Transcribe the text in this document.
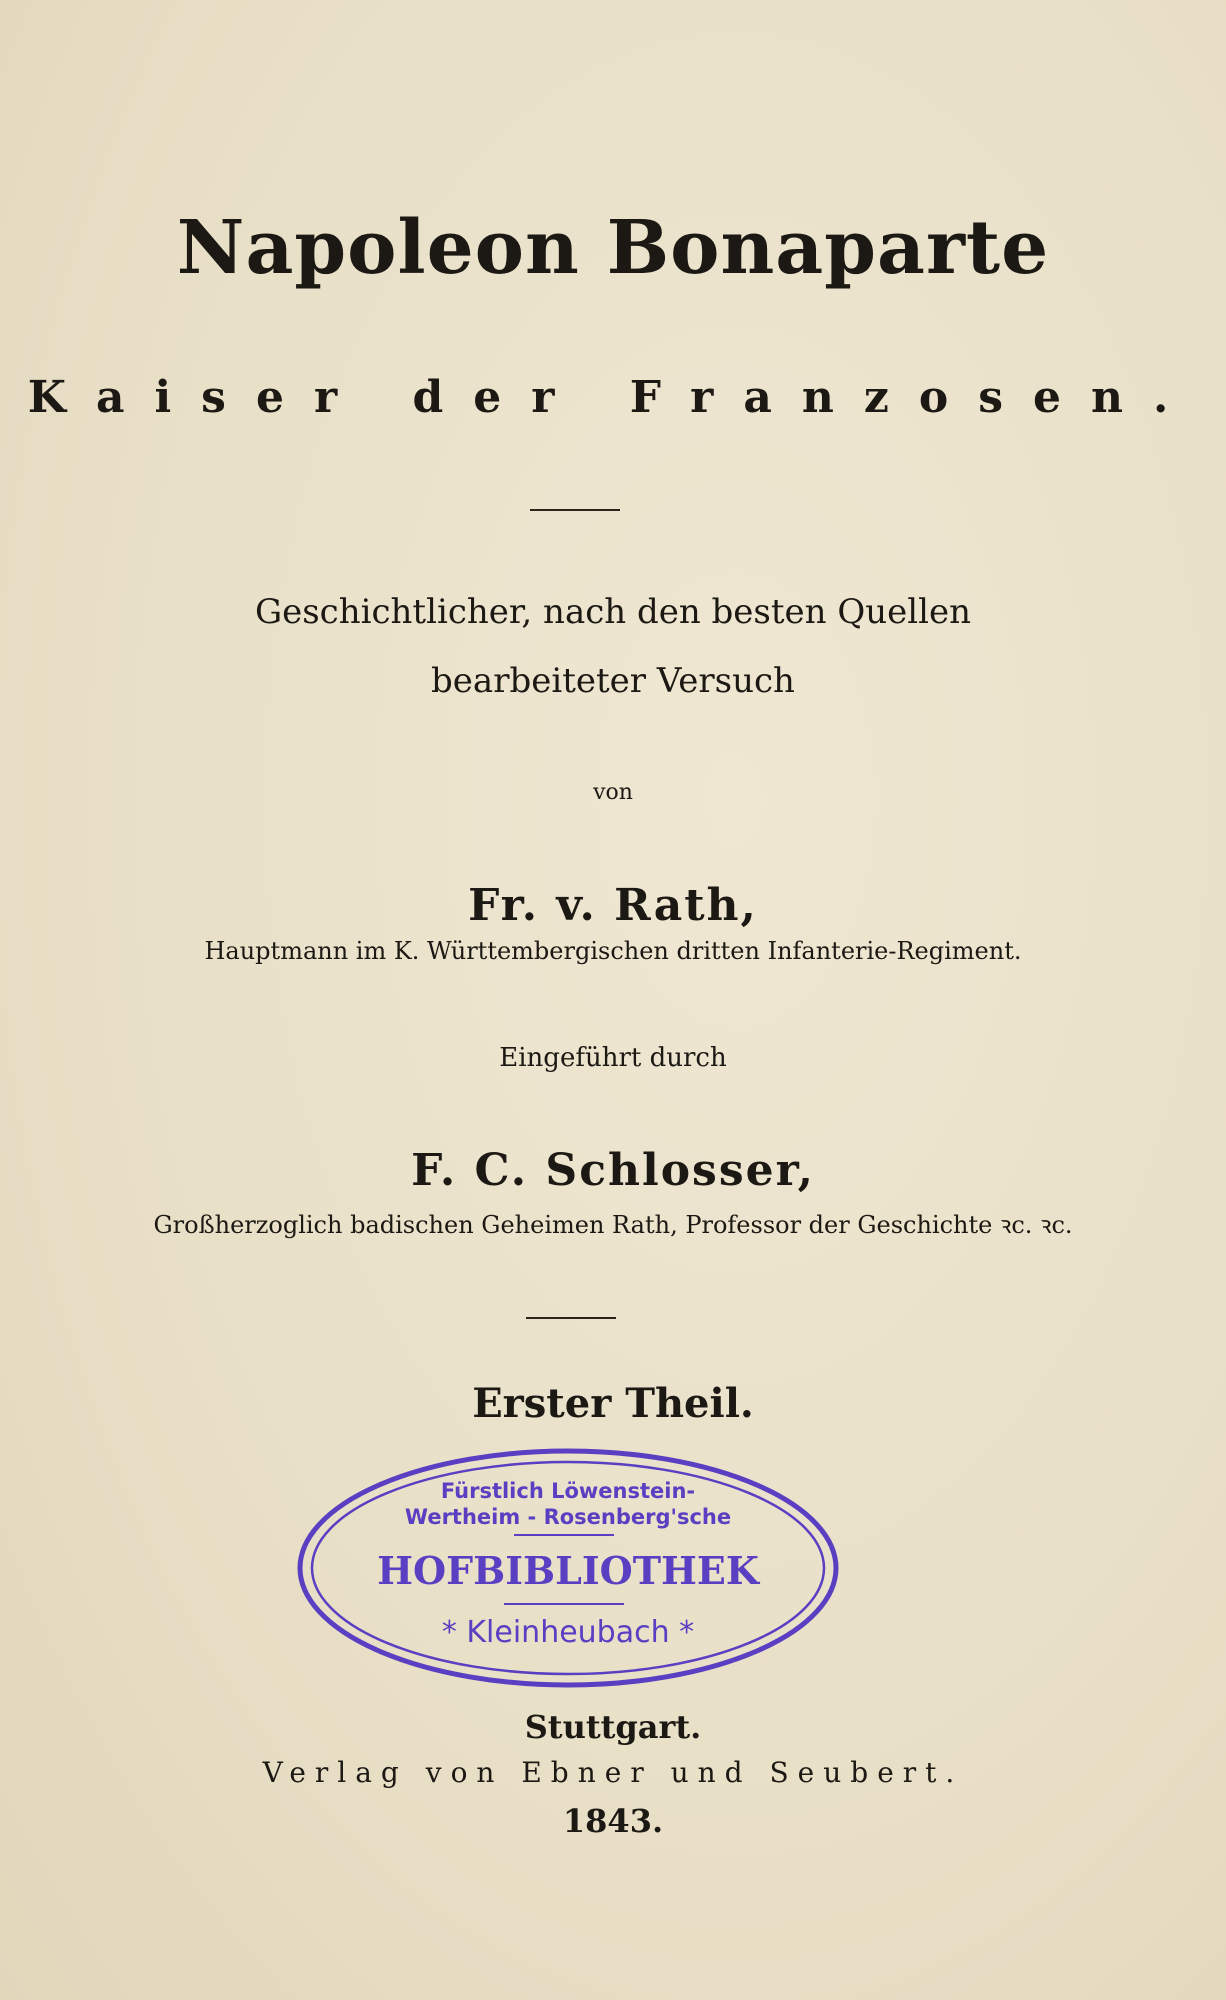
Napoleon Bonaparte
Kaiser der Franzosen.
Geschichtlicher, nach den besten Quellen
bearbeiteter Versuch
von
Fr. v. Rath,
Hauptmann im K. Württembergischen dritten Infanterie-Regiment.
Eingeführt durch
F. C. Schlosser,
Großherzoglich badischen Geheimen Rath, Professor der Geschichte ꝛc. ꝛc.
Erster Theil.
Fürstlich Löwenstein-
Wertheim - Rosenberg'sche
HOFBIBLIOTHEK
* Kleinheubach *
Stuttgart.
Verlag von Ebner und Seubert.
1843.
